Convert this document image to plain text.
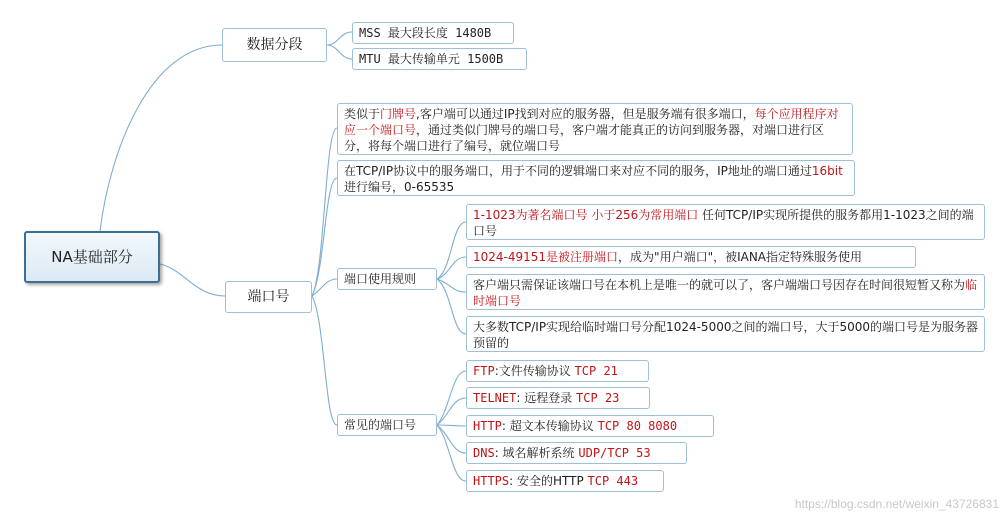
NA基础部分
数据分段
MSS 最大段长度 1480B
MTU 最大传输单元 1500B
端口号
类似于门牌号,客户端可以通过IP找到对应的服务器，但是服务端有很多端口，每个应用程序对应一个端口号，通过类似门牌号的端口号，客户端才能真正的访问到服务器，对端口进行区分，将每个端口进行了编号，就位端口号
在TCP/IP协议中的服务端口，用于不同的逻辑端口来对应不同的服务，IP地址的端口通过16bit进行编号，0-65535
端口使用规则
1-1023为著名端口号 小于256为常用端口 任何TCP/IP实现所提供的服务都用1-1023之间的端口号
1024-49151是被注册端口，成为"用户端口"，被IANA指定特殊服务使用
客户端只需保证该端口号在本机上是唯一的就可以了，客户端端口号因存在时间很短暂又称为临时端口号
大多数TCP/IP实现给临时端口号分配1024-5000之间的端口号，大于5000的端口号是为服务器预留的
常见的端口号
FTP:文件传输协议 TCP 21
TELNET: 远程登录 TCP 23
HTTP: 超文本传输协议 TCP 80 8080
DNS: 域名解析系统 UDP/TCP 53
HTTPS: 安全的HTTP TCP 443
https://blog.csdn.net/weixin_43726831
